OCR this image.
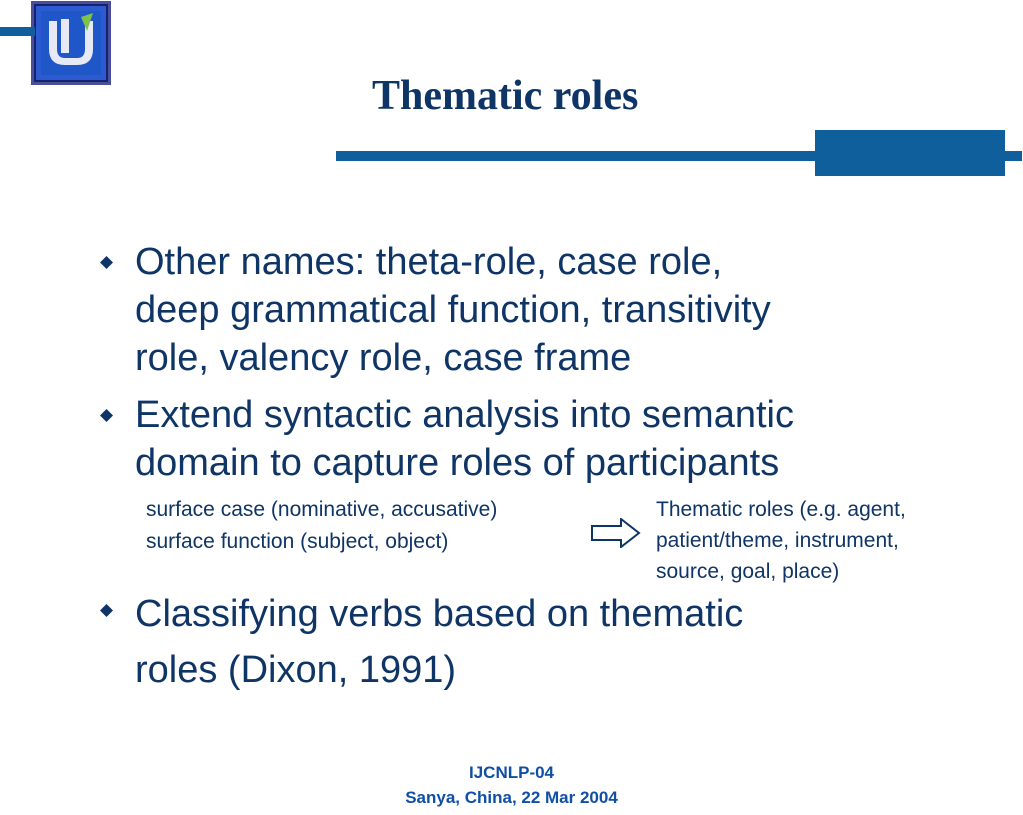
Thematic roles
Other names: theta-role, case role,
deep grammatical function, transitivity
role, valency role, case frame
Extend syntactic analysis into semantic
domain to capture roles of participants
Classifying verbs based on thematic
roles (Dixon, 1991)
surface case (nominative, accusative)
surface function (subject, object)
Thematic roles (e.g. agent,
patient/theme, instrument,
source, goal, place)
IJCNLP-04
Sanya, China, 22 Mar 2004
